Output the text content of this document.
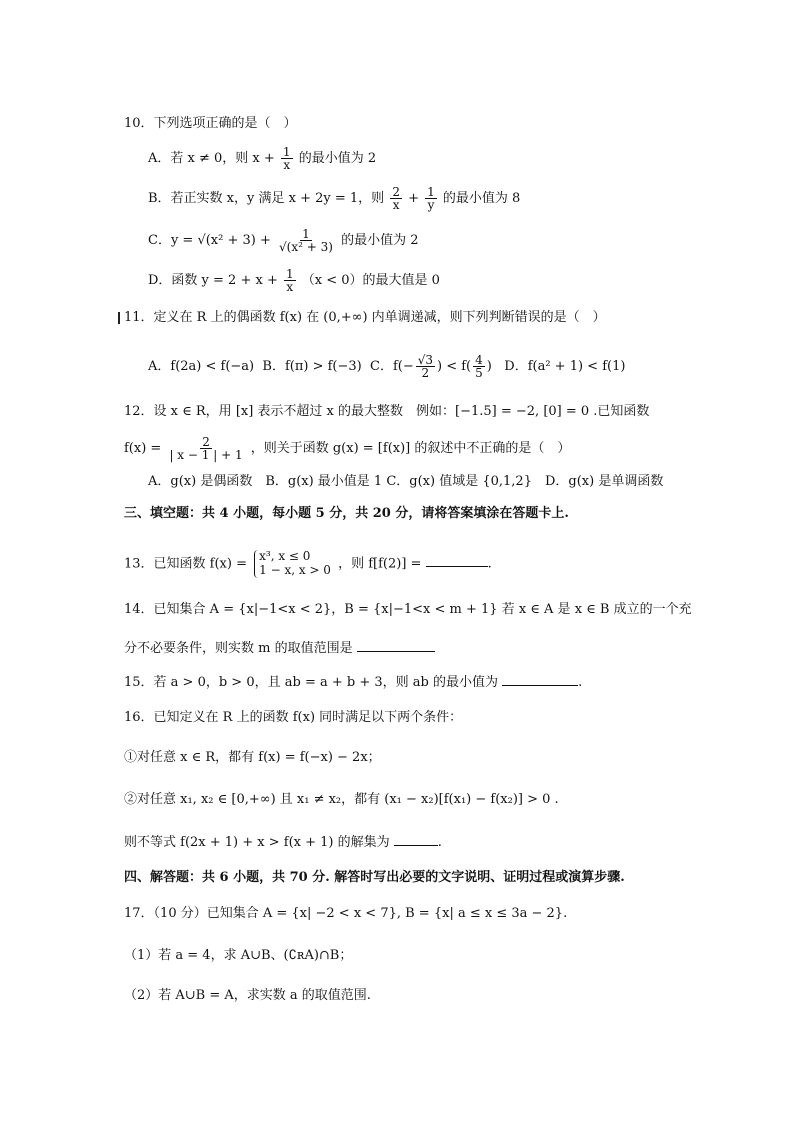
10．下列选项正确的是（　）
A．若 x ≠ 0，则 $x + \frac{1}{x}$ 的最小值为 2
B．若正实数 x，y 满足 x + 2y = 1，则 $\frac{2}{x} + \frac{1}{y}$ 的最小值为 8
C．$y = √(x^2 + 3) + \frac{1}{\text{√(x² + 3)}}$ 的最小值为 2
D．函数 $y = 2 + x + \frac{1}{x} (x < 0)$的最大值是 0
11．定义在 R 上的偶函数 f(x) 在 (0,+∞) 内单调递减，则下列判断错误的是（　）
A．f(2a) < f(−a) B．f(π) > f(−3) C．$f(- \frac{√3}{2}$ ) < $f( \frac{4}{5}$ ) D．f(a² + 1) < f(1)
12．设 x ∈ R，用 [x] 表示不超过 x 的最大整数　例如：[−1.5] = −2, [0] = 0 .已知函数
$f(x) = \frac{2}{| x - 1 | + 1}$ ，则关于函数 g(x) = [f(x)] 的叙述中不正确的是（　）
A．g(x) 是偶函数　B．g(x) 最小值是 1 C．g(x) 值域是 {0,1,2}　D．g(x) 是单调函数
三、填空题：共 4 小题，每小题 5 分，共 20 分，请将答案填涂在答题卡上.
13．已知函数 f(x) =
x³, x ≤ 0
1 − x, x > 0 ，则 f[f(2)] =	.
14．已知集合 A = {x|−1<x < 2}，B = {x|−1<x < m + 1} 若 x ∈ A 是 x ∈ B 成立的一个充
分不必要条件，则实数 m 的取值范围是
15．若 a > 0，b > 0，且 ab = a + b + 3，则 ab 的最小值为	.
16．已知定义在 R 上的函数 f(x) 同时满足以下两个条件：
①对任意 x ∈ R，都有 f(x) = f(−x) − 2x；
②对任意 x₁, x₂ ∈ [0,+∞) 且 x₁ ≠ x₂，都有 (x₁ − x₂)[f(x₁) − f(x₂)] > 0 .
则不等式 f(2x + 1) + x > f(x + 1) 的解集为	.
四、解答题：共 6 小题，共 70 分. 解答时写出必要的文字说明、证明过程或演算步骤.
17．（10 分）已知集合 A = {x| −2 < x < 7}, B = {x| a ≤ x ≤ 3a − 2}.
（1）若 a = 4，求 A∪B、(∁ʀA)∩B；
（2）若 A∪B = A，求实数 a 的取值范围.
